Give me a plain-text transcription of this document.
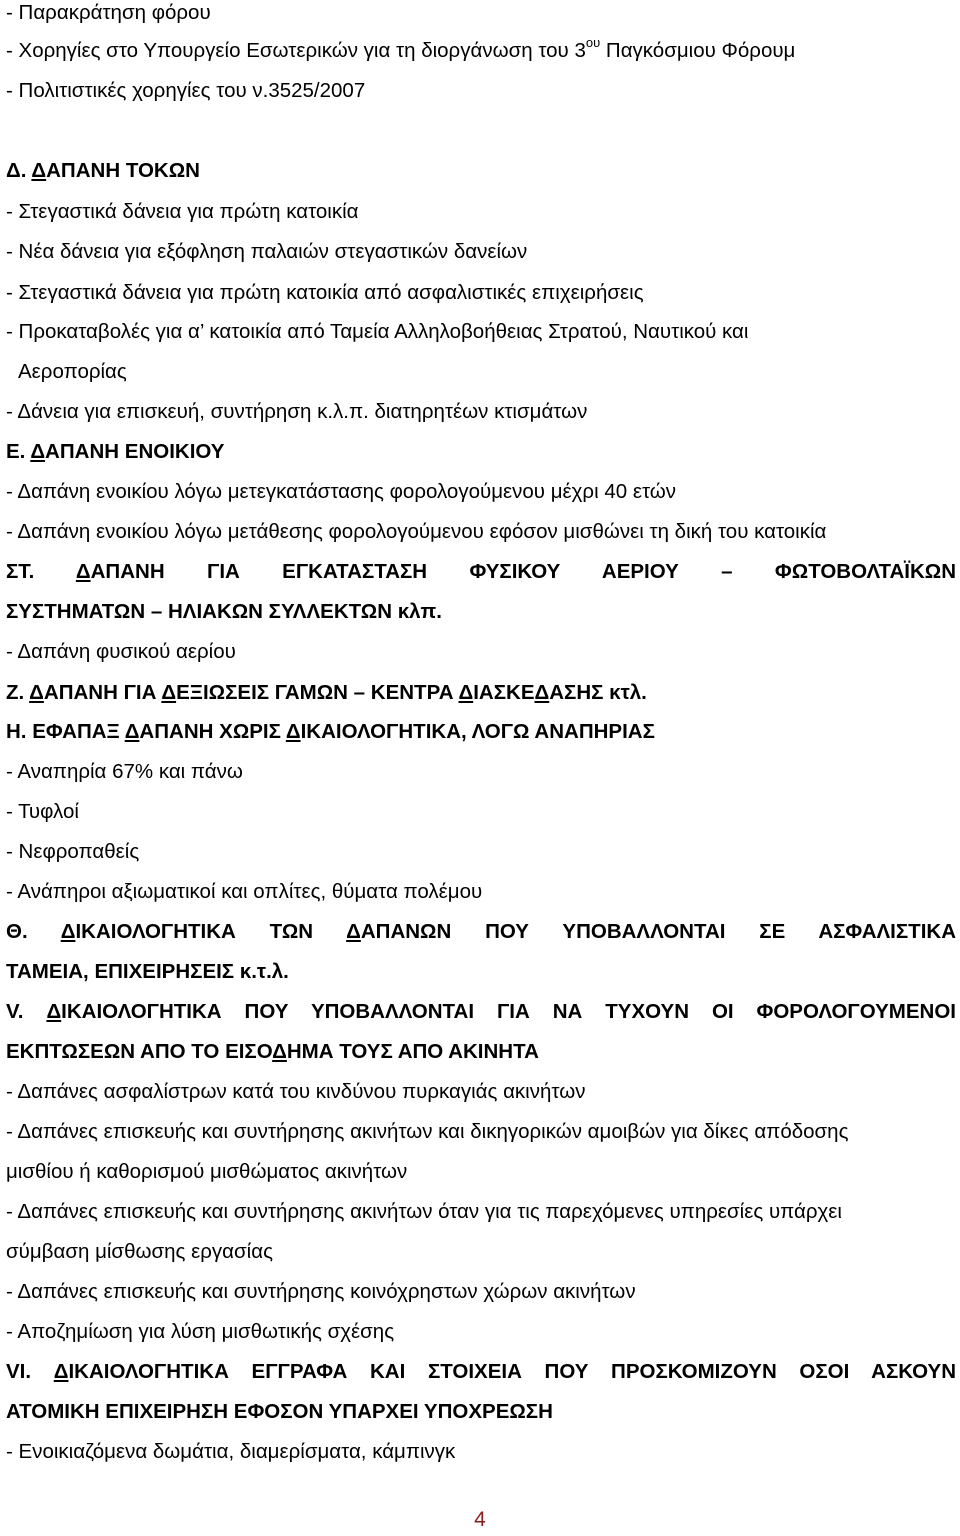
- Παρακράτηση φόρου
- Χορηγίες στο Υπουργείο Εσωτερικών για τη διοργάνωση του $3^{o\upsilon}$ Παγκόσμιου Φόρουμ
- Πολιτιστικές χορηγίες του ν.3525/2007
Δ. ΔΑΠΑΝΗ ΤΟΚΩΝ
- Στεγαστικά δάνεια για πρώτη κατοικία
- Νέα δάνεια για εξόφληση παλαιών στεγαστικών δανείων
- Στεγαστικά δάνεια για πρώτη κατοικία από ασφαλιστικές επιχειρήσεις
- Προκαταβολές για α’ κατοικία από Ταμεία Αλληλοβοήθειας Στρατού, Ναυτικού και
Αεροπορίας
- Δάνεια για επισκευή, συντήρηση κ.λ.π. διατηρητέων κτισμάτων
Ε. ΔΑΠΑΝΗ ΕΝΟΙΚΙΟΥ
- Δαπάνη ενοικίου λόγω μετεγκατάστασης φορολογούμενου μέχρι 40 ετών
- Δαπάνη ενοικίου λόγω μετάθεσης φορολογούμενου εφόσον μισθώνει τη δική του κατοικία
ΣΤ. ΔΑΠΑΝΗ ΓΙΑ ΕΓΚΑΤΑΣΤΑΣΗ ΦΥΣΙΚΟΥ ΑΕΡΙΟΥ – ΦΩΤΟΒΟΛΤΑΪΚΩΝ
ΣΥΣΤΗΜΑΤΩΝ – ΗΛΙΑΚΩΝ ΣΥΛΛΕΚΤΩΝ κλπ.
- Δαπάνη φυσικού αερίου
Ζ. ΔΑΠΑΝΗ ΓΙΑ ΔΕΞΙΩΣΕΙΣ ΓΑΜΩΝ – ΚΕΝΤΡΑ ΔΙΑΣΚΕΔΑΣΗΣ κτλ.
Η. ΕΦΑΠΑΞ ΔΑΠΑΝΗ ΧΩΡΙΣ ΔΙΚΑΙΟΛΟΓΗΤΙΚΑ, ΛΟΓΩ ΑΝΑΠΗΡΙΑΣ
- Αναπηρία 67% και πάνω
- Τυφλοί
- Νεφροπαθείς
- Ανάπηροι αξιωματικοί και οπλίτες, θύματα πολέμου
Θ. ΔΙΚΑΙΟΛΟΓΗΤΙΚΑ ΤΩΝ ΔΑΠΑΝΩΝ ΠΟΥ ΥΠΟΒΑΛΛΟΝΤΑΙ ΣΕ ΑΣΦΑΛΙΣΤΙΚΑ
ΤΑΜΕΙΑ, ΕΠΙΧΕΙΡΗΣΕΙΣ κ.τ.λ.
V. ΔΙΚΑΙΟΛΟΓΗΤΙΚΑ ΠΟΥ ΥΠΟΒΑΛΛΟΝΤΑΙ ΓΙΑ ΝΑ ΤΥΧΟΥΝ ΟΙ ΦΟΡΟΛΟΓΟΥΜΕΝΟΙ
ΕΚΠΤΩΣΕΩΝ ΑΠΟ ΤΟ ΕΙΣΟΔΗΜΑ ΤΟΥΣ ΑΠΟ ΑΚΙΝΗΤΑ
- Δαπάνες ασφαλίστρων κατά του κινδύνου πυρκαγιάς ακινήτων
- Δαπάνες επισκευής και συντήρησης ακινήτων και δικηγορικών αμοιβών για δίκες απόδοσης
μισθίου ή καθορισμού μισθώματος ακινήτων
- Δαπάνες επισκευής και συντήρησης ακινήτων όταν για τις παρεχόμενες υπηρεσίες υπάρχει
σύμβαση μίσθωσης εργασίας
- Δαπάνες επισκευής και συντήρησης κοινόχρηστων χώρων ακινήτων
- Αποζημίωση για λύση μισθωτικής σχέσης
VI. ΔΙΚΑΙΟΛΟΓΗΤΙΚΑ ΕΓΓΡΑΦΑ ΚΑΙ ΣΤΟΙΧΕΙΑ ΠΟΥ ΠΡΟΣΚΟΜΙΖΟΥΝ ΟΣΟΙ ΑΣΚΟΥΝ
ΑΤΟΜΙΚΗ ΕΠΙΧΕΙΡΗΣΗ ΕΦΟΣΟΝ ΥΠΑΡΧΕΙ ΥΠΟΧΡΕΩΣΗ
- Ενοικιαζόμενα δωμάτια, διαμερίσματα, κάμπινγκ
4
